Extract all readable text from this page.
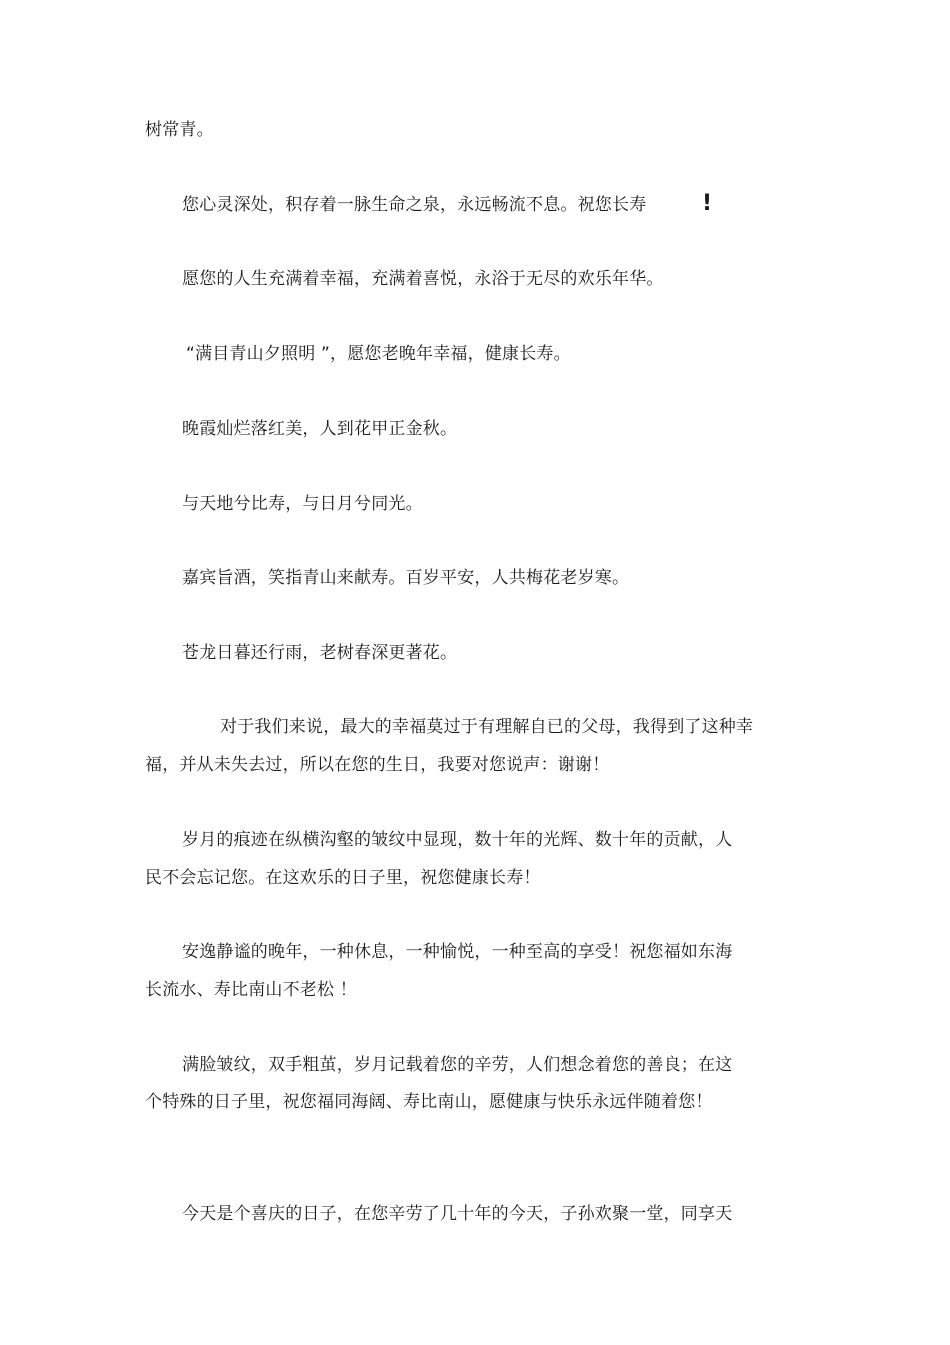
树常青。
您心灵深处，积存着一脉生命之泉，永远畅流不息。祝您长寿	!
愿您的人生充满着幸福，充满着喜悦，永浴于无尽的欢乐年华。
“满目青山夕照明 ”，愿您老晚年幸福，健康长寿。
晚霞灿烂落红美，人到花甲正金秋。
与天地兮比寿，与日月兮同光。
嘉宾旨酒，笑指青山来献寿。百岁平安，人共梅花老岁寒。
苍龙日暮还行雨，老树春深更著花。
对于我们来说，最大的幸福莫过于有理解自已的父母，我得到了这种幸
福，并从未失去过，所以在您的生日，我要对您说声：谢谢！
岁月的痕迹在纵横沟壑的皱纹中显现，数十年的光辉、数十年的贡献，人
民不会忘记您。在这欢乐的日子里，祝您健康长寿！
安逸静谧的晚年，一种休息，一种愉悦，一种至高的享受！祝您福如东海
长流水、寿比南山不老松 ！
满脸皱纹，双手粗茧，岁月记载着您的辛劳，人们想念着您的善良；在这
个特殊的日子里，祝您福同海阔、寿比南山，愿健康与快乐永远伴随着您！
今天是个喜庆的日子，在您辛劳了几十年的今天，子孙欢聚一堂，同享天
